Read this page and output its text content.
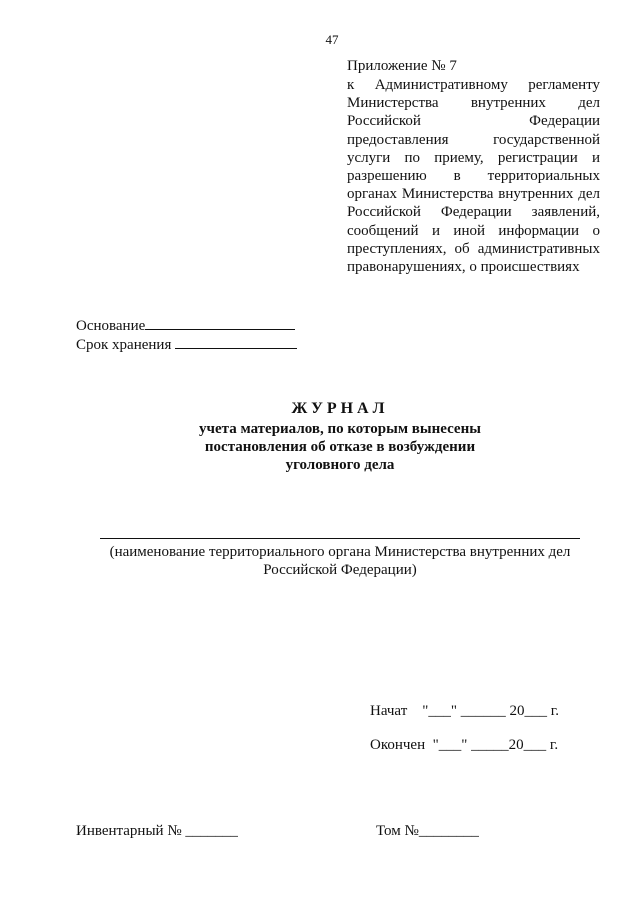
47
Приложение № 7
к Административному регламенту
Министерства внутренних дел
Российской Федерации
предоставления государственной
услуги по приему, регистрации и
разрешению в территориальных
органах Министерства внутренних дел
Российской Федерации заявлений,
сообщений и иной информации о
преступлениях, об административных
правонарушениях, о происшествиях
Основание
Срок хранения
ЖУРНАЛ
учета материалов, по которым вынесены
постановления об отказе в возбуждении
уголовного дела
(наименование территориального органа Министерства внутренних дел
Российской Федерации)
Начат "___" ______ 20___ г.
Окончен "___" _____20___ г.
Инвентарный № _______	Том №________
